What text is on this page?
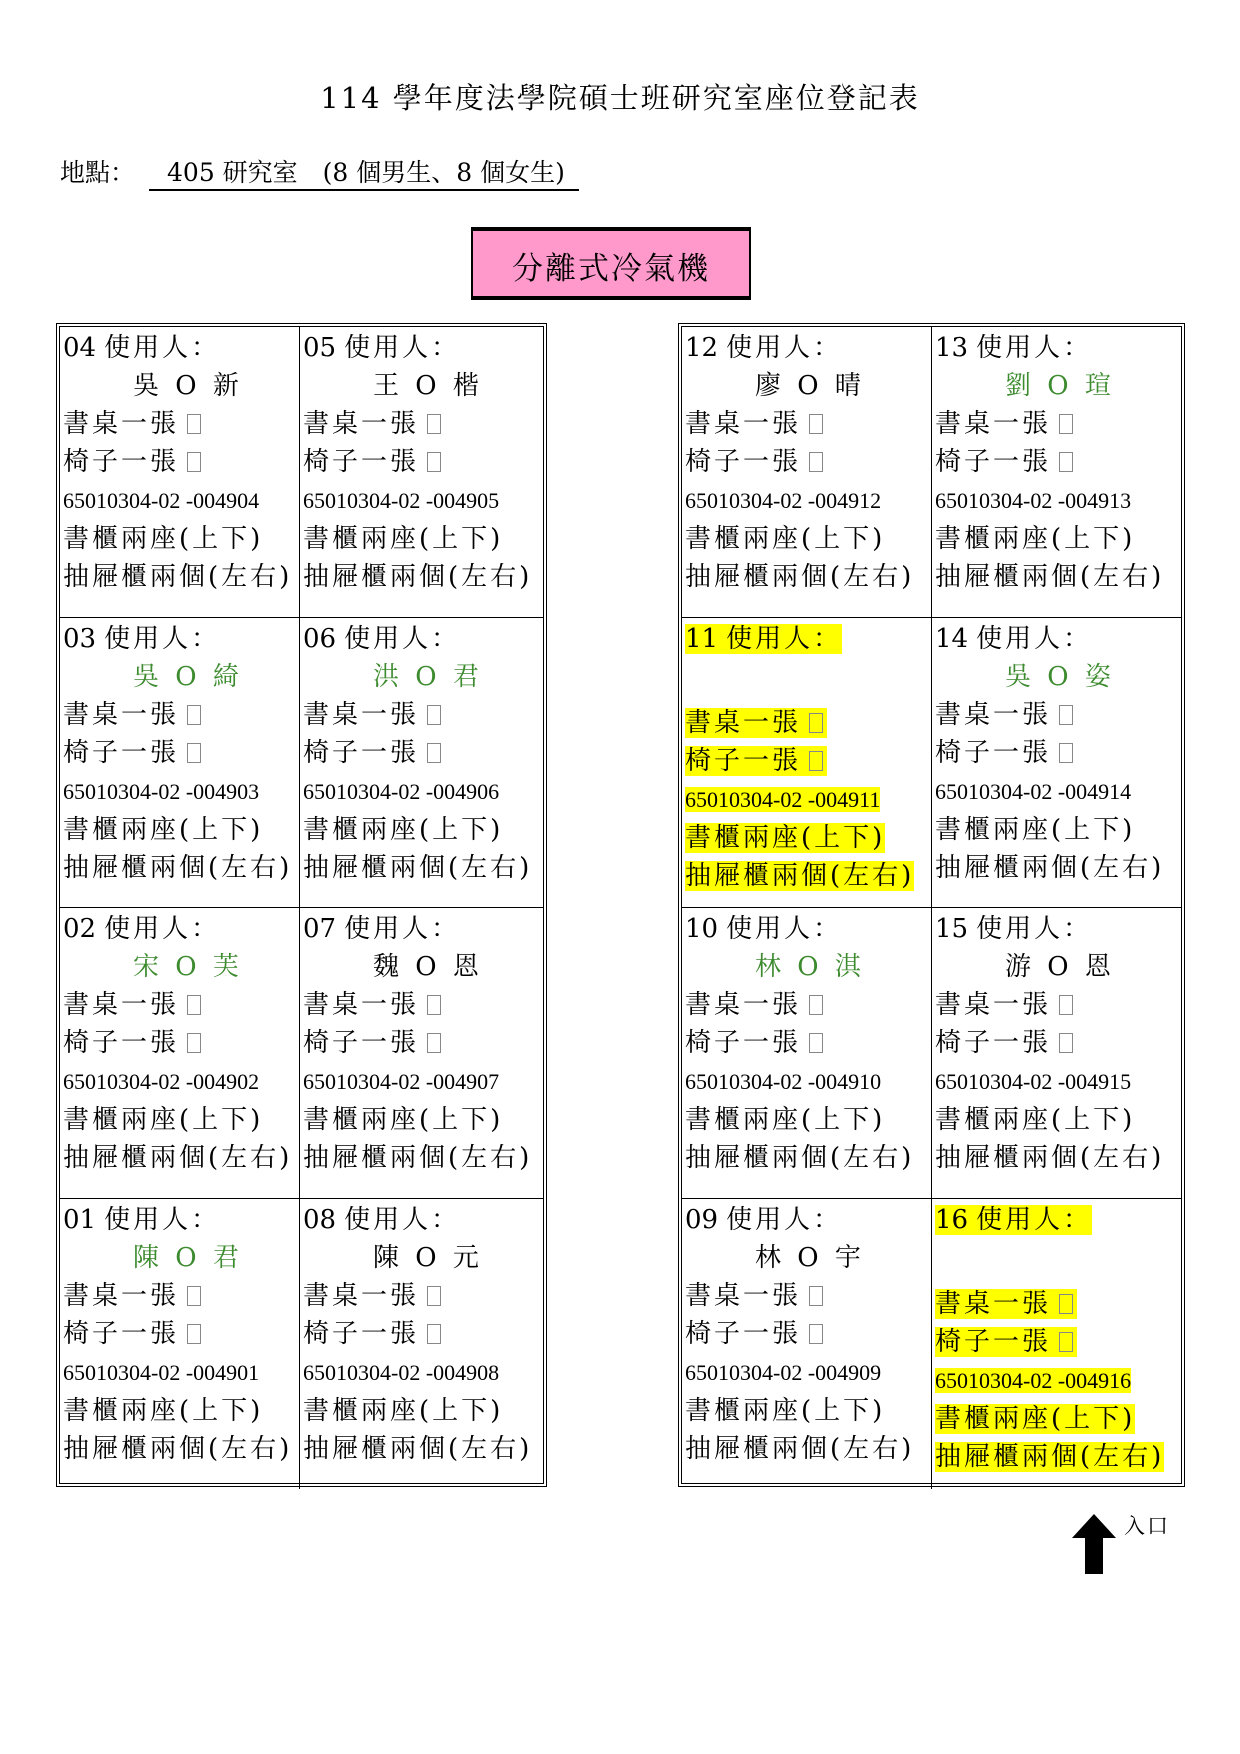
114 學年度法學院碩士班研究室座位登記表
地點： 405 研究室　(8 個男生、8 個女生)
分離式冷氣機
04 使用人：
吳 O 新
書桌一張
椅子一張
65010304-02 -004904
書櫃兩座(上下)
抽屜櫃兩個(左右)
05 使用人：
王 O 楷
書桌一張
椅子一張
65010304-02 -004905
書櫃兩座(上下)
抽屜櫃兩個(左右)
03 使用人：
吳 O 綺
書桌一張
椅子一張
65010304-02 -004903
書櫃兩座(上下)
抽屜櫃兩個(左右)
06 使用人：
洪 O 君
書桌一張
椅子一張
65010304-02 -004906
書櫃兩座(上下)
抽屜櫃兩個(左右)
02 使用人：
宋 O 芙
書桌一張
椅子一張
65010304-02 -004902
書櫃兩座(上下)
抽屜櫃兩個(左右)
07 使用人：
魏 O 恩
書桌一張
椅子一張
65010304-02 -004907
書櫃兩座(上下)
抽屜櫃兩個(左右)
01 使用人：
陳 O 君
書桌一張
椅子一張
65010304-02 -004901
書櫃兩座(上下)
抽屜櫃兩個(左右)
08 使用人：
陳 O 元
書桌一張
椅子一張
65010304-02 -004908
書櫃兩座(上下)
抽屜櫃兩個(左右)
12 使用人：
廖 O 晴
書桌一張
椅子一張
65010304-02 -004912
書櫃兩座(上下)
抽屜櫃兩個(左右)
13 使用人：
劉 O 瑄
書桌一張
椅子一張
65010304-02 -004913
書櫃兩座(上下)
抽屜櫃兩個(左右)
11 使用人：

書桌一張
椅子一張
65010304-02 -004911
書櫃兩座(上下)
抽屜櫃兩個(左右)
14 使用人：
吳 O 姿
書桌一張
椅子一張
65010304-02 -004914
書櫃兩座(上下)
抽屜櫃兩個(左右)
10 使用人：
林 O 淇
書桌一張
椅子一張
65010304-02 -004910
書櫃兩座(上下)
抽屜櫃兩個(左右)
15 使用人：
游 O 恩
書桌一張
椅子一張
65010304-02 -004915
書櫃兩座(上下)
抽屜櫃兩個(左右)
09 使用人：
林 O 宇
書桌一張
椅子一張
65010304-02 -004909
書櫃兩座(上下)
抽屜櫃兩個(左右)
16 使用人：

書桌一張
椅子一張
65010304-02 -004916
書櫃兩座(上下)
抽屜櫃兩個(左右)
入口
